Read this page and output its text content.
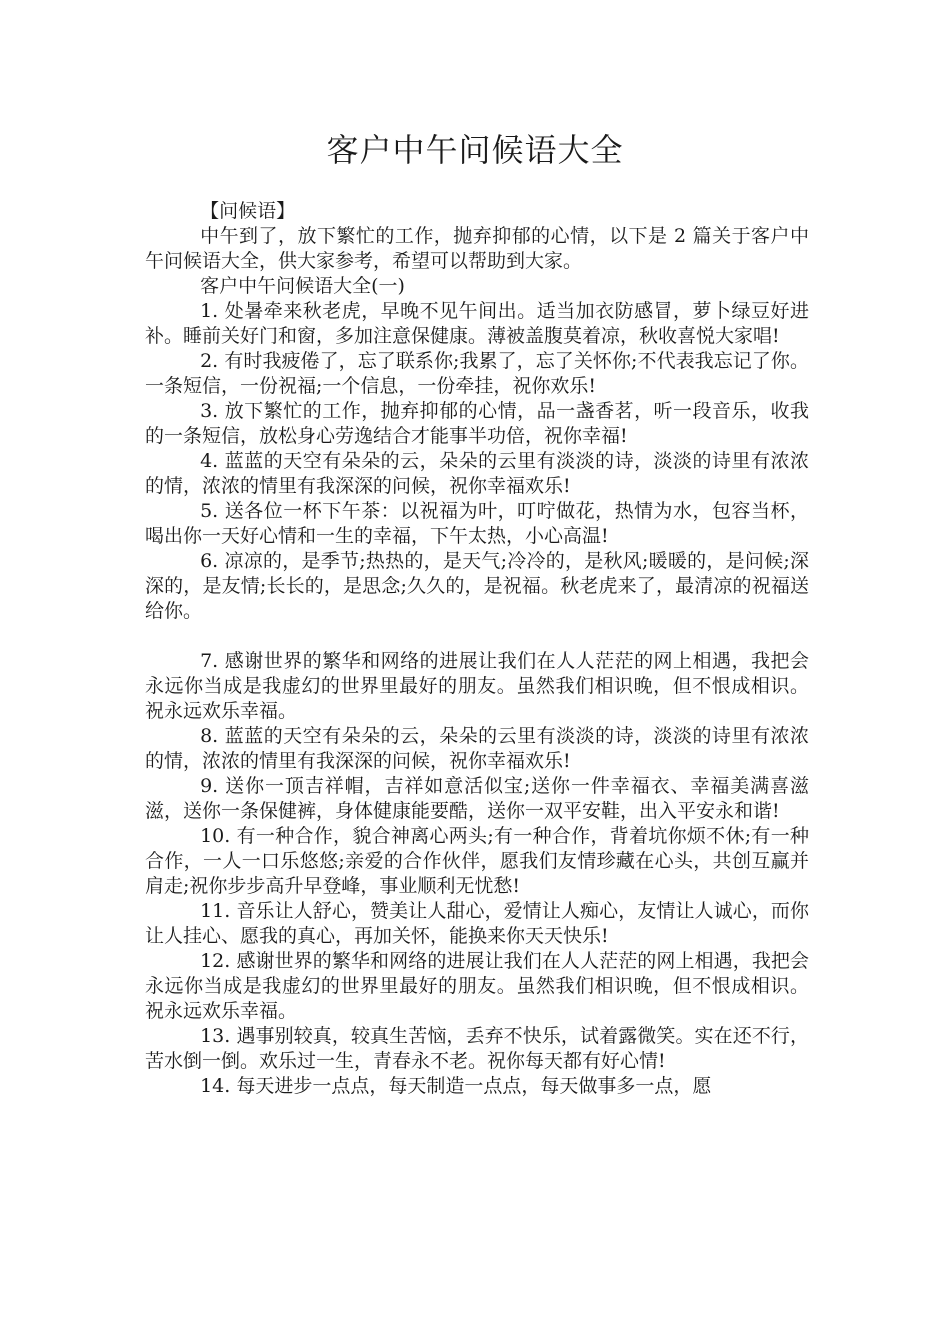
客户中午问候语大全

【问候语】

中午到了，放下繁忙的工作，抛弃抑郁的心情，以下是 2 篇关于客户中午问候语大全，供大家参考，希望可以帮助到大家。

客户中午问候语大全(一)

1. 处暑牵来秋老虎，早晚不见午间出。适当加衣防感冒，萝卜绿豆好进补。睡前关好门和窗，多加注意保健康。薄被盖腹莫着凉，秋收喜悦大家唱!

2. 有时我疲倦了，忘了联系你;我累了，忘了关怀你;不代表我忘记了你。一条短信，一份祝福;一个信息，一份牵挂，祝你欢乐!

3. 放下繁忙的工作，抛弃抑郁的心情，品一盏香茗，听一段音乐，收我的一条短信，放松身心劳逸结合才能事半功倍，祝你幸福!

4. 蓝蓝的天空有朵朵的云，朵朵的云里有淡淡的诗，淡淡的诗里有浓浓的情，浓浓的情里有我深深的问候，祝你幸福欢乐!

5. 送各位一杯下午茶：以祝福为叶，叮咛做花，热情为水，包容当杯，喝出你一天好心情和一生的幸福，下午太热，小心高温!

6. 凉凉的，是季节;热热的，是天气;冷冷的，是秋风;暖暖的，是问候;深深的，是友情;长长的，是思念;久久的，是祝福。秋老虎来了，最清凉的祝福送给你。

7. 感谢世界的繁华和网络的进展让我们在人人茫茫的网上相遇，我把会永远你当成是我虚幻的世界里最好的朋友。虽然我们相识晚，但不恨成相识。祝永远欢乐幸福。

8. 蓝蓝的天空有朵朵的云，朵朵的云里有淡淡的诗，淡淡的诗里有浓浓的情，浓浓的情里有我深深的问候，祝你幸福欢乐!

9. 送你一顶吉祥帽，吉祥如意活似宝;送你一件幸福衣、幸福美满喜滋滋，送你一条保健裤，身体健康能要酷，送你一双平安鞋，出入平安永和谐!

10. 有一种合作，貌合神离心两头;有一种合作，背着坑你烦不休;有一种合作，一人一口乐悠悠;亲爱的合作伙伴，愿我们友情珍藏在心头，共创互赢并肩走;祝你步步高升早登峰，事业顺利无忧愁!

11. 音乐让人舒心，赞美让人甜心，爱情让人痴心，友情让人诚心，而你让人挂心、愿我的真心，再加关怀，能换来你天天快乐!

12. 感谢世界的繁华和网络的进展让我们在人人茫茫的网上相遇，我把会永远你当成是我虚幻的世界里最好的朋友。虽然我们相识晚，但不恨成相识。祝永远欢乐幸福。

13. 遇事别较真，较真生苦恼，丢弃不快乐，试着露微笑。实在还不行，苦水倒一倒。欢乐过一生，青春永不老。祝你每天都有好心情!

14. 每天进步一点点，每天制造一点点，每天做事多一点，愿
